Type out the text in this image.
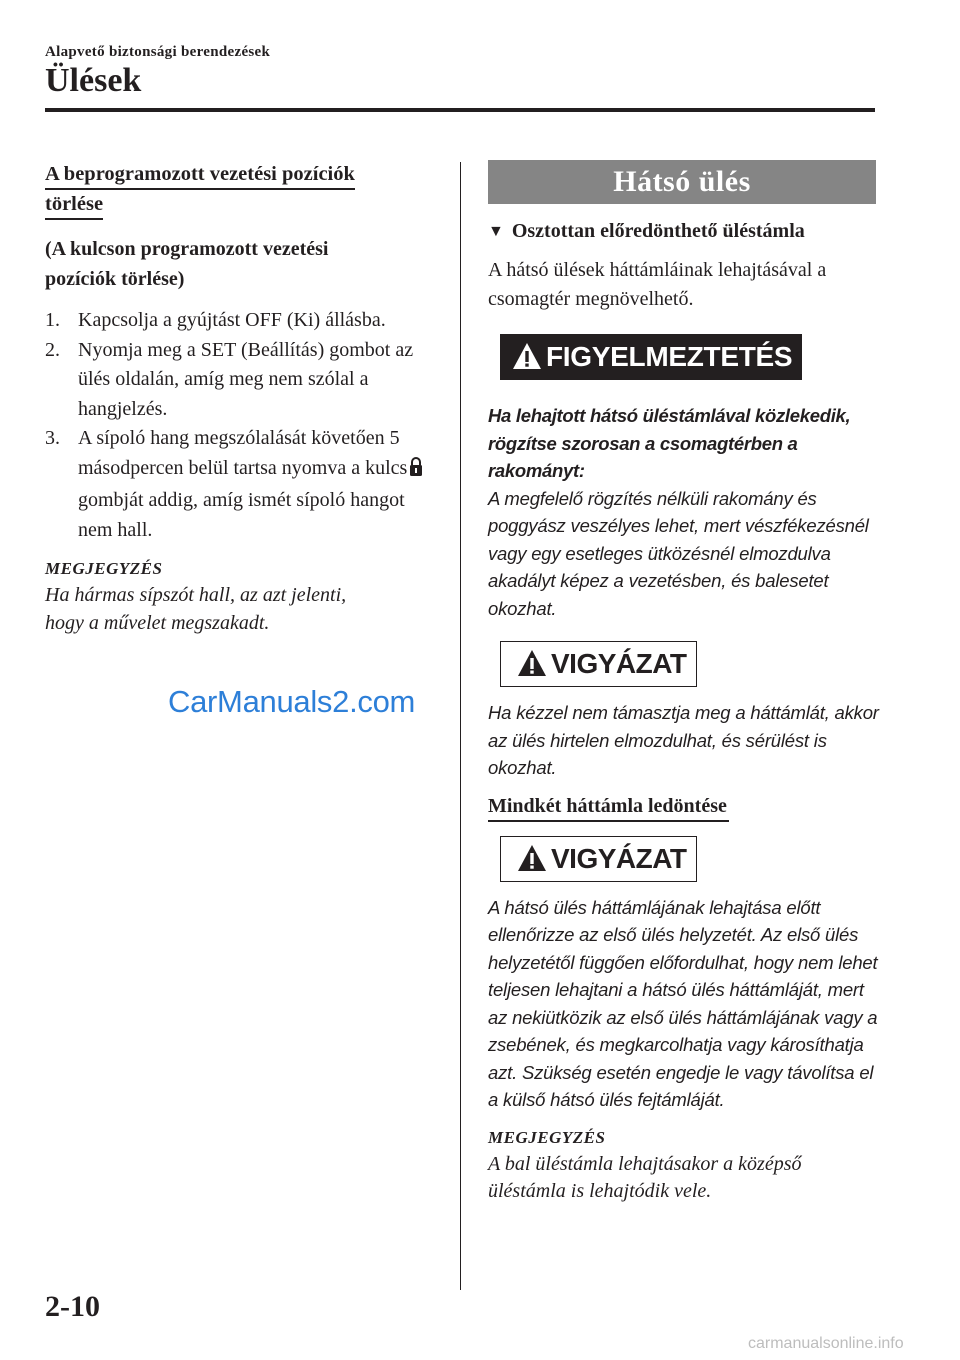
Alapvető biztonsági berendezések
Ülések
A beprogramozott vezetési pozíciók
törlése
(A kulcson programozott vezetési
pozíciók törlése)
1. Kapcsolja a gyújtást OFF (Ki) állásba.
2. Nyomja meg a SET (Beállítás) gombot az ülés oldalán, amíg meg nem szólal a hangjelzés.
3. A sípoló hang megszólalását követően 5 másodpercen belül tartsa nyomva a kulcsgombját addig, amíg ismét sípoló hangot nem hall.
MEGJEGYZÉS
Ha hármas sípszót hall, az azt jelenti,
hogy a művelet megszakadt.
CarManuals2.com
Hátsó ülés
▼ Osztottan előredönthető üléstámla
A hátsó ülések háttámláinak lehajtásával a csomagtér megnövelhető.
FIGYELMEZTETÉS
Ha lehajtott hátsó üléstámlával közlekedik, rögzítse szorosan a csomagtérben a rakományt:
A megfelelő rögzítés nélküli rakomány és poggyász veszélyes lehet, mert vészfékezésnél vagy egy esetleges ütközésnél elmozdulva akadályt képez a vezetésben, és balesetet okozhat.
VIGYÁZAT
Ha kézzel nem támasztja meg a háttámlát, akkor az ülés hirtelen elmozdulhat, és sérülést is okozhat.
Mindkét háttámla ledöntése
VIGYÁZAT
A hátsó ülés háttámlájának lehajtása előtt ellenőrizze az első ülés helyzetét. Az első ülés helyzetétől függően előfordulhat, hogy nem lehet teljesen lehajtani a hátsó ülés háttámláját, mert az nekiütközik az első ülés háttámlájának vagy a zsebének, és megkarcolhatja vagy károsíthatja azt. Szükség esetén engedje le vagy távolítsa el a külső hátsó ülés fejtámláját.
MEGJEGYZÉS
A bal üléstámla lehajtásakor a középső
üléstámla is lehajtódik vele.
2-10
carmanualsonline.info
